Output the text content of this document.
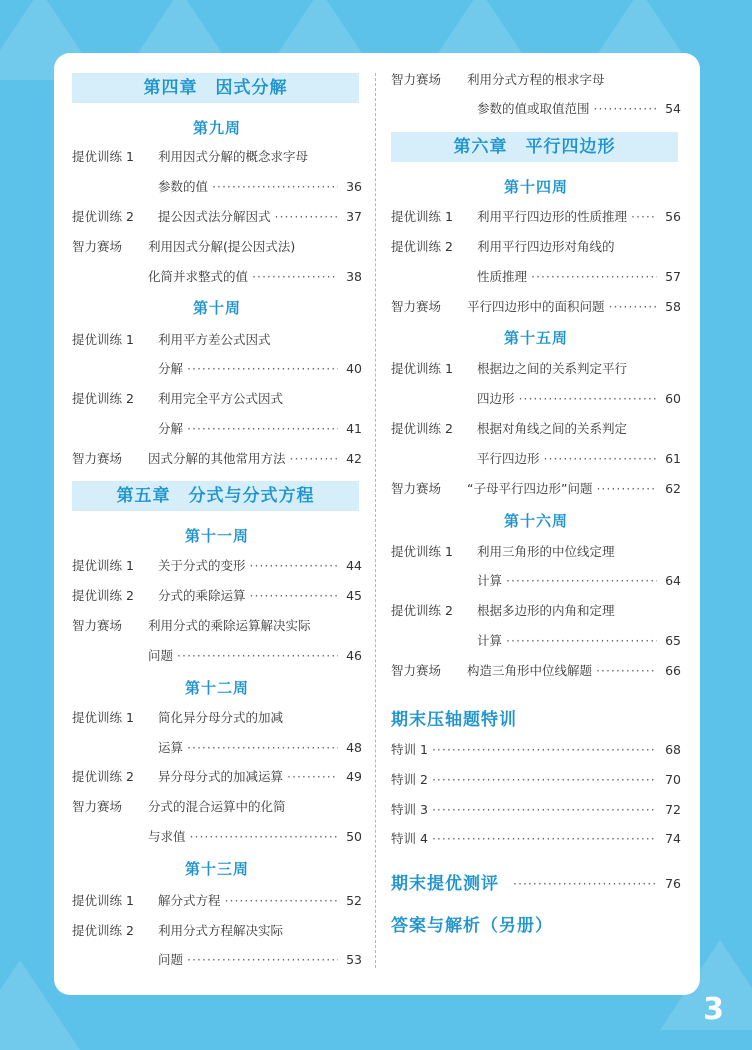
第四章　因式分解
第九周
提优训练 1 利用因式分解的概念求字母
参数的值 ·····	36
提优训练 2 提公因式法分解因式 ·····	37
智力赛场 利用因式分解(提公因式法)
化简并求整式的值 ·····	38
第十周
提优训练 1 利用平方差公式因式
分解 ·····	40
提优训练 2 利用完全平方公式因式
分解 ·····	41
智力赛场 因式分解的其他常用方法 ·····	42
第五章　分式与分式方程
第十一周
提优训练 1 关于分式的变形 ·····	44
提优训练 2 分式的乘除运算 ·····	45
智力赛场 利用分式的乘除运算解决实际
问题 ·····	46
第十二周
提优训练 1 简化异分母分式的加减
运算 ·····	48
提优训练 2 异分母分式的加减运算 ·····	49
智力赛场 分式的混合运算中的化简
与求值 ·····	50
第十三周
提优训练 1 解分式方程 ·····	52
提优训练 2 利用分式方程解决实际
问题 ·····	53
智力赛场 利用分式方程的根求字母
参数的值或取值范围 ·····	54
第六章　平行四边形
第十四周
提优训练 1 利用平行四边形的性质推理 ·····	56
提优训练 2 利用平行四边形对角线的
性质推理 ·····	57
智力赛场 平行四边形中的面积问题 ·····	58
第十五周
提优训练 1 根据边之间的关系判定平行
四边形 ·····	60
提优训练 2 根据对角线之间的关系判定
平行四边形 ·····	61
智力赛场 “子母平行四边形”问题 ·····	62
第十六周
提优训练 1 利用三角形的中位线定理
计算 ·····	64
提优训练 2 根据多边形的内角和定理
计算 ·····	65
智力赛场 构造三角形中位线解题 ·····	66
期末压轴题特训
特训 1 ·····	68
特训 2 ·····	70
特训 3 ·····	72
特训 4 ·····	74
期末提优测评 ·····	76
答案与解析（另册）
3
